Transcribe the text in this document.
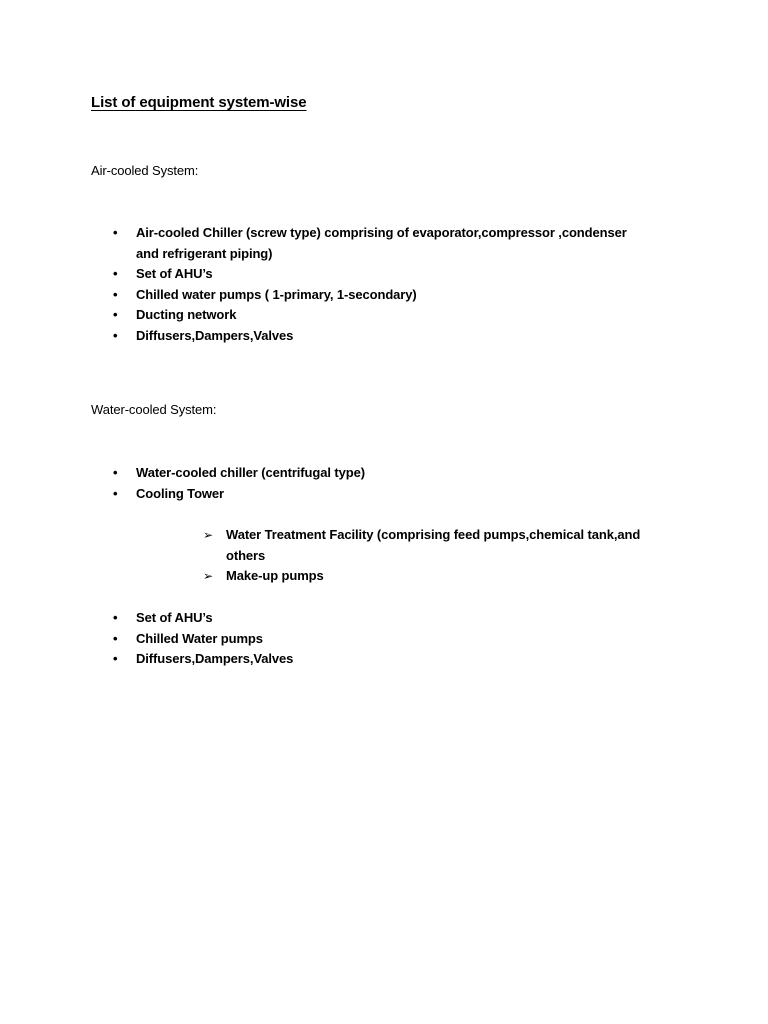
List of equipment system-wise
Air-cooled System:
• Air-cooled Chiller (screw type) comprising of evaporator,compressor ,condenser and refrigerant piping)
• Set of AHU’s
• Chilled water pumps ( 1-primary, 1-secondary)
• Ducting network
• Diffusers,Dampers,Valves
Water-cooled System:
• Water-cooled chiller (centrifugal type)
• Cooling Tower
➢ Water Treatment Facility (comprising feed pumps,chemical tank,and others
➢ Make-up pumps
• Set of AHU’s
• Chilled Water pumps
• Diffusers,Dampers,Valves
